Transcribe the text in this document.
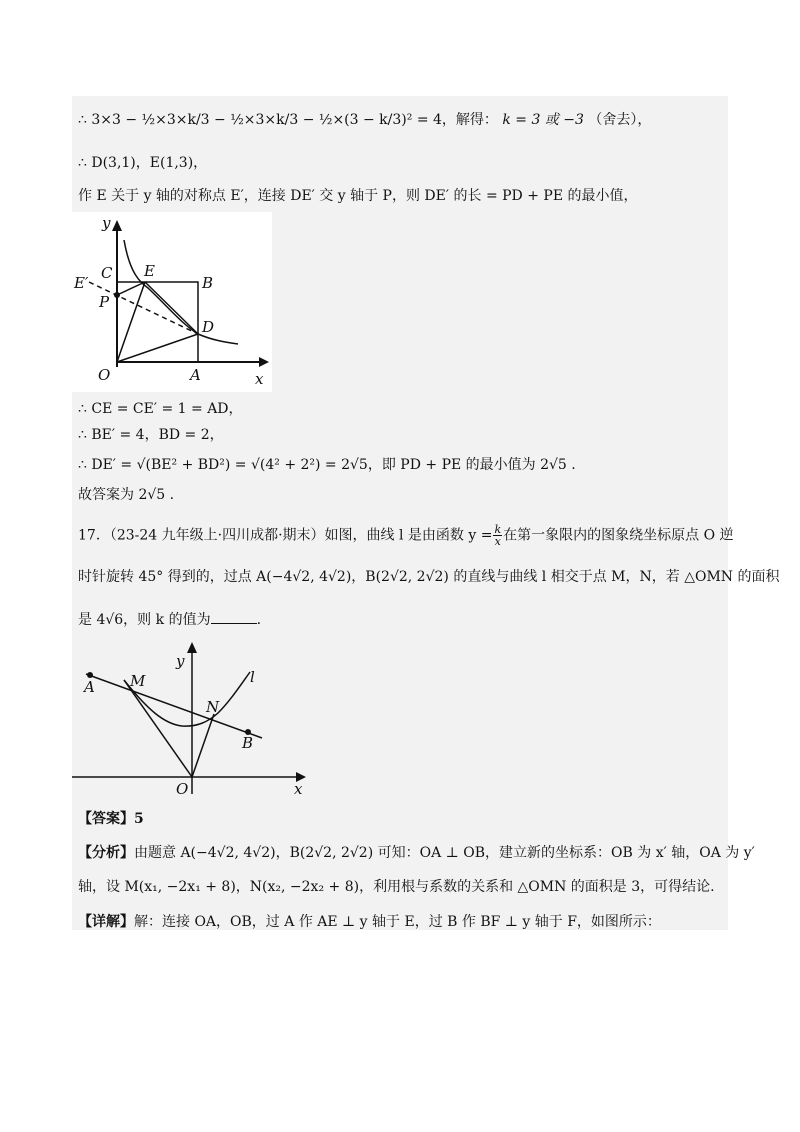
∴ 3×3 − ½×3×k/3 − ½×3×k/3 − ½×(3 − k/3)² = 4，解得： k = 3 或 −3 （舍去），
∴ D(3,1)，E(1,3)，
作 E 关于 y 轴的对称点 E′，连接 DE′ 交 y 轴于 P，则 DE′ 的长 = PD + PE 的最小值，
y
x
O	A
B
C
D
E
E′
P
∴ CE = CE′ = 1 = AD，
∴ BE′ = 4，BD = 2，
∴ DE′ = √(BE² + BD²) = √(4² + 2²) = 2√5，即 PD + PE 的最小值为 2√5 .
故答案为 2√5 .
17．（23-24 九年级上·四川成都·期末）如图，曲线 l 是由函数 $y = \frac{k}{x}$ 在第一象限内的图象绕坐标原点 O 逆
时针旋转 45° 得到的，过点 A(−4√2, 4√2)，B(2√2, 2√2) 的直线与曲线 l 相交于点 M，N，若 △OMN 的面积
是 4√6，则 k 的值为	.
y
x
O
A
B
M
N
l
【答案】5
【分析】由题意 A(−4√2, 4√2)，B(2√2, 2√2) 可知：OA ⊥ OB，建立新的坐标系：OB 为 x′ 轴，OA 为 y′
轴，设 M(x₁, −2x₁ + 8)，N(x₂, −2x₂ + 8)，利用根与系数的关系和 △OMN 的面积是 3，可得结论.
【详解】解：连接 OA，OB，过 A 作 AE ⊥ y 轴于 E，过 B 作 BF ⊥ y 轴于 F，如图所示：
